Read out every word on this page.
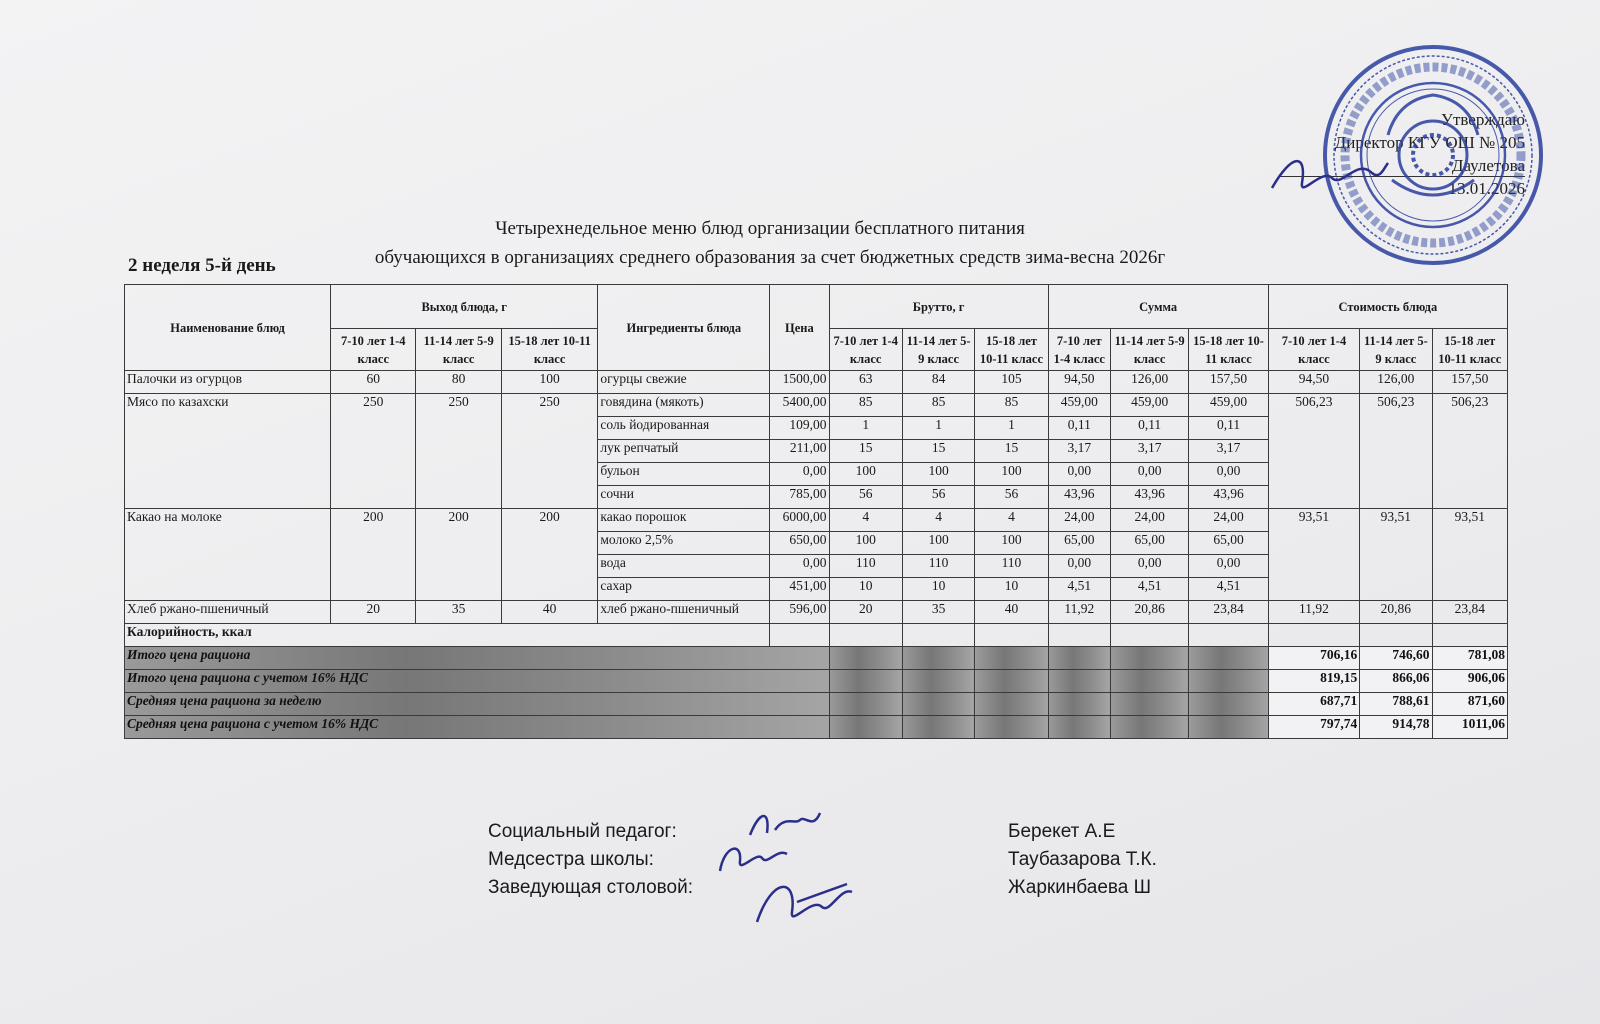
Утверждаю
Директор КГУ ОШ № 205
Даулетова
13.01.2026
Четырехнедельное меню блюд организации бесплатного питания
обучающихся в организациях среднего образования за счет бюджетных средств зима-весна 2026г
2 неделя 5-й день
Наименование блюд	Выход блюда, г			Ингредиенты блюда	Цена	Брутто, г			Сумма			Стоимость блюда		
	7-10 лет 1-4 класс	11-14 лет 5-9 класс	15-18 лет 10-11 класс			7-10 лет 1-4 класс	11-14 лет 5-9 класс	15-18 лет 10-11 класс	7-10 лет 1-4 класс	11-14 лет 5-9 класс	15-18 лет 10-11 класс	7-10 лет 1-4 класс	11-14 лет 5-9 класс	15-18 лет 10-11 класс
Палочки из огурцов	60	80	100	огурцы свежие	1500,00	63	84	105	94,50	126,00	157,50	94,50	126,00	157,50
Мясо по казахски	250	250	250	говядина (мякоть)	5400,00	85	85	85	459,00	459,00	459,00	506,23	506,23	506,23
				соль йодированная	109,00	1	1	1	0,11	0,11	0,11			
				лук репчатый	211,00	15	15	15	3,17	3,17	3,17			
				бульон	0,00	100	100	100	0,00	0,00	0,00			
				сочни	785,00	56	56	56	43,96	43,96	43,96			
Какао на молоке	200	200	200	какао порошок	6000,00	4	4	4	24,00	24,00	24,00	93,51	93,51	93,51
				молоко 2,5%	650,00	100	100	100	65,00	65,00	65,00			
				вода	0,00	110	110	110	0,00	0,00	0,00			
				сахар	451,00	10	10	10	4,51	4,51	4,51			
Хлеб ржано-пшеничный	20	35	40	хлеб ржано-пшеничный	596,00	20	35	40	11,92	20,86	23,84	11,92	20,86	23,84
Калорийность, ккал														
Итого цена рациона												706,16	746,60	781,08
Итого цена рациона с учетом 16% НДС												819,15	866,06	906,06
Средняя цена рациона за неделю												687,71	788,61	871,60
Средняя цена рациона с учетом 16% НДС												797,74	914,78	1011,06
Социальный педагог:	Берекет А.Е
Медсестра школы:	Таубазарова Т.К.
Заведующая столовой:	Жаркинбаева Ш
